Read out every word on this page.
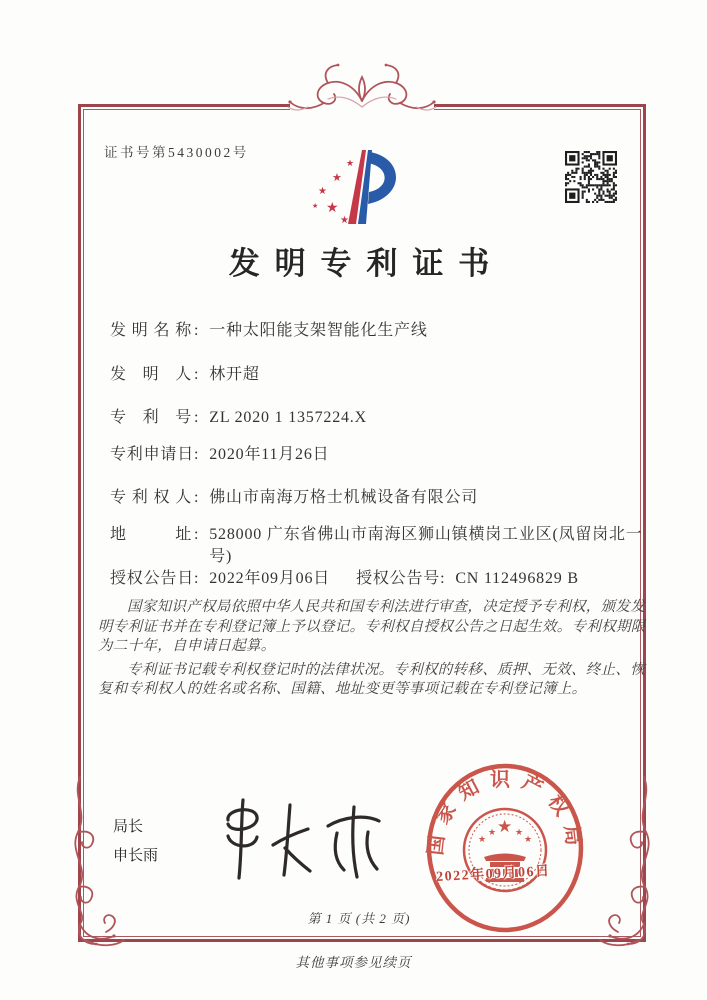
证书号第5430002号
★
★
★
★
★
★
发明专利证书
发明名称 : 一种太阳能支架智能化生产线
发明人 : 林开超
专利号 : ZL 2020 1 1357224.X
专利申请日 : 2020年11月26日
专利权人 : 佛山市南海万格士机械设备有限公司
地址 : 528000 广东省佛山市南海区狮山镇横岗工业区(凤留岗北一号)
授权公告日 : 2022年09月06日 授权公告号 : CN 112496829 B

国家知识产权局依照中华人民共和国专利法进行审查，决定授予专利权，颁发发明专利证书并在专利登记簿上予以登记。专利权自授权公告之日起生效。专利权期限为二十年，自申请日起算。

专利证书记载专利权登记时的法律状况。专利权的转移、质押、无效、终止、恢复和专利权人的姓名或名称、国籍、地址变更等事项记载在专利登记簿上。

局长
申长雨	国家知识产权局
★
★
★ ★
★
2022年09月06日
第 1 页 (共 2 页)
其他事项参见续页
